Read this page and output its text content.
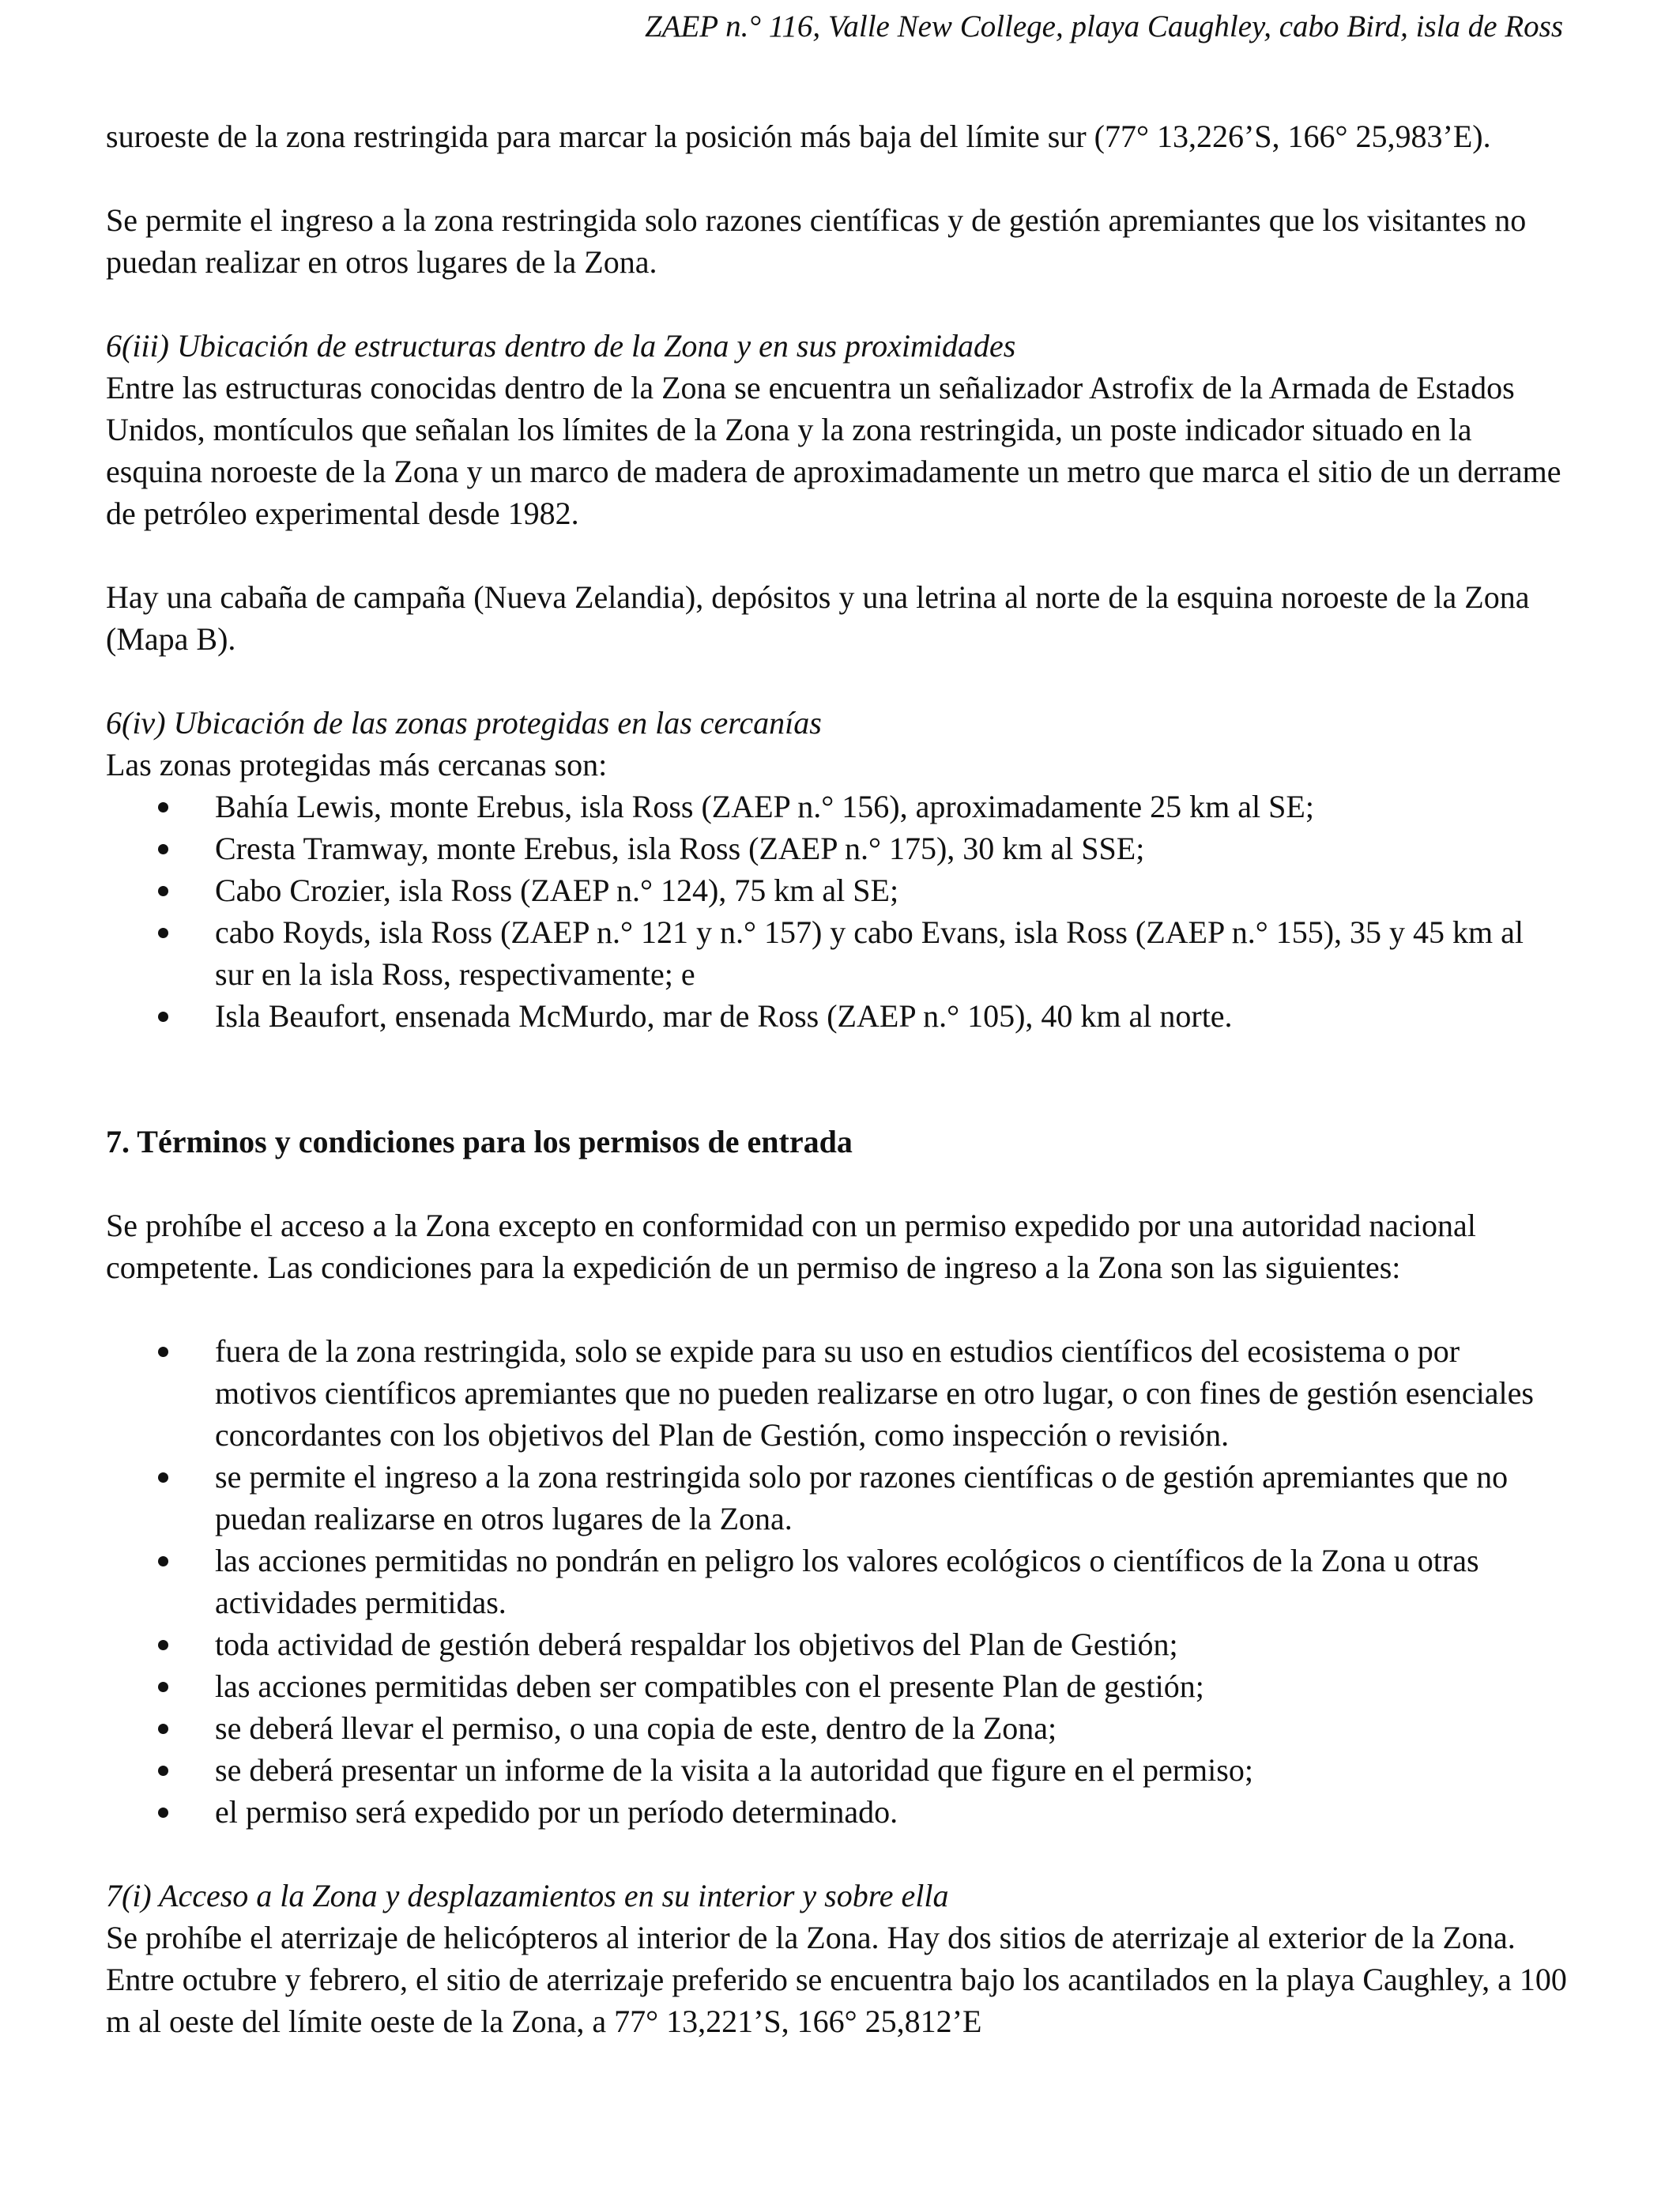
ZAEP n.° 116, Valle New College, playa Caughley, cabo Bird, isla de Ross

suroeste de la zona restringida para marcar la posición más baja del límite sur (77° 13,226’S, 166° 25,983’E).

Se permite el ingreso a la zona restringida solo razones científicas y de gestión apremiantes que los visitantes no puedan realizar en otros lugares de la Zona.

6(iii) Ubicación de estructuras dentro de la Zona y en sus proximidades

Entre las estructuras conocidas dentro de la Zona se encuentra un señalizador Astrofix de la Armada de Estados Unidos, montículos que señalan los límites de la Zona y la zona restringida, un poste indicador situado en la esquina noroeste de la Zona y un marco de madera de aproximadamente un metro que marca el sitio de un derrame de petróleo experimental desde 1982.

Hay una cabaña de campaña (Nueva Zelandia), depósitos y una letrina al norte de la esquina noroeste de la Zona (Mapa B).

6(iv) Ubicación de las zonas protegidas en las cercanías

Las zonas protegidas más cercanas son:

Bahía Lewis, monte Erebus, isla Ross (ZAEP n.° 156), aproximadamente 25 km al SE;
Cresta Tramway, monte Erebus, isla Ross (ZAEP n.° 175), 30 km al SSE;
Cabo Crozier, isla Ross (ZAEP n.° 124), 75 km al SE;
cabo Royds, isla Ross (ZAEP n.° 121 y n.° 157) y cabo Evans, isla Ross (ZAEP n.° 155), 35 y 45 km al sur en la isla Ross, respectivamente; e
Isla Beaufort, ensenada McMurdo, mar de Ross (ZAEP n.° 105), 40 km al norte.

7. Términos y condiciones para los permisos de entrada

Se prohíbe el acceso a la Zona excepto en conformidad con un permiso expedido por una autoridad nacional competente. Las condiciones para la expedición de un permiso de ingreso a la Zona son las siguientes:

fuera de la zona restringida, solo se expide para su uso en estudios científicos del ecosistema o por motivos científicos apremiantes que no pueden realizarse en otro lugar, o con fines de gestión esenciales concordantes con los objetivos del Plan de Gestión, como inspección o revisión.
se permite el ingreso a la zona restringida solo por razones científicas o de gestión apremiantes que no puedan realizarse en otros lugares de la Zona.
las acciones permitidas no pondrán en peligro los valores ecológicos o científicos de la Zona u otras actividades permitidas.
toda actividad de gestión deberá respaldar los objetivos del Plan de Gestión;
las acciones permitidas deben ser compatibles con el presente Plan de gestión;
se deberá llevar el permiso, o una copia de este, dentro de la Zona;
se deberá presentar un informe de la visita a la autoridad que figure en el permiso;
el permiso será expedido por un período determinado.

7(i) Acceso a la Zona y desplazamientos en su interior y sobre ella

Se prohíbe el aterrizaje de helicópteros al interior de la Zona. Hay dos sitios de aterrizaje al exterior de la Zona. Entre octubre y febrero, el sitio de aterrizaje preferido se encuentra bajo los acantilados en la playa Caughley, a 100 m al oeste del límite oeste de la Zona, a 77° 13,221’S, 166° 25,812’E
